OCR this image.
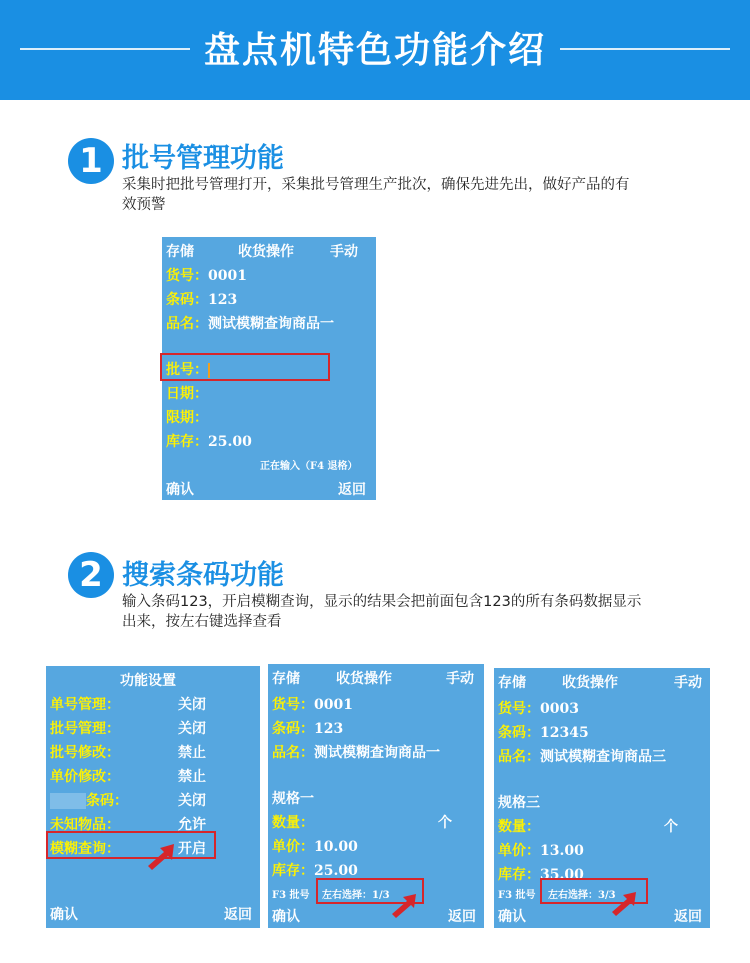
盘点机特色功能介绍
1 批号管理功能
采集时把批号管理打开，采集批号管理生产批次，确保先进先出，做好产品的有
效预警
存储	收货操作	手动
货号：0001
条码：123
品名：测试模糊查询商品一
批号：
日期：
限期：
库存：25.00
正在输入（F4 退格）
确认	返回
2 搜索条码功能
输入条码123，开启模糊查询，显示的结果会把前面包含123的所有条码数据显示
出来，按左右键选择查看
功能设置
单号管理：	关闭
批号管理：	关闭
批号修改：	禁止
单价修改：	禁止
条码：	关闭
未知物品：	允许
模糊查询：	开启
确认	返回
存储	收货操作	手动
货号：0001
条码：123
品名：测试模糊查询商品一
规格一
数量：	个
单价：10.00
库存：25.00
F3 批号 左右选择：1/3
确认	返回
存储	收货操作	手动
货号：0003
条码：12345
品名：测试模糊查询商品三
规格三
数量：	个
单价：13.00
库存：35.00
F3 批号 左右选择：3/3
确认	返回
